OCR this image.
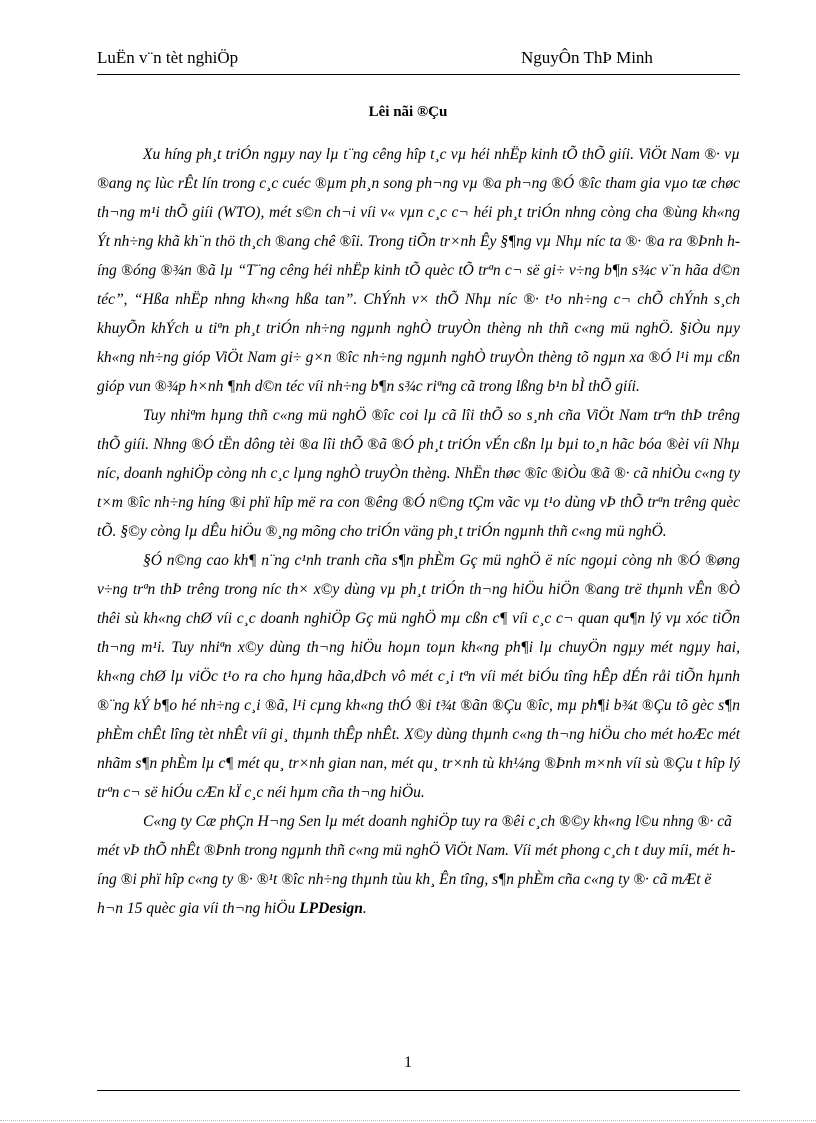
LuËn v¨n tèt nghiÖp	NguyÔn ThÞ Minh
Lêi nãi ®Çu

Xu híng ph¸t triÓn ngµy nay lµ t¨ng cêng hîp t¸c vµ héi nhËp kinh tÕ thÕ giíi. ViÖt Nam ®· vµ ®ang nç lùc rÊt lín trong c¸c cuéc ®µm ph¸n song ph¬ng vµ ®a ph¬ng ®Ó ®îc tham gia vµo tæ chøc th¬ng m¹i thÕ giíi (WTO), mét s©n ch¬i víi v« vµn c¸c c¬ héi ph¸t triÓn nhng còng cha ®ùng kh«ng Ýt nh÷ng khã kh¨n thö th¸ch ®ang chê ®îi. Trong tiÕn tr×nh Êy §¶ng vµ Nhµ níc ta ®· ®a ra ®Þnh híng ®óng ®¾n ®ã lµ “T¨ng cêng héi nhËp kinh tÕ quèc tÕ trªn c¬ së gi÷ v÷ng b¶n s¾c v¨n hãa d©n téc”, “Hßa nhËp nhng kh«ng hßa tan”. ChÝnh v× thÕ Nhµ níc ®· t¹o nh÷ng c¬ chÕ chÝnh s¸ch khuyÕn khÝch u tiªn ph¸t triÓn nh÷ng ngµnh nghÒ truyÒn thèng nh thñ c«ng mü nghÖ. §iÒu nµy kh«ng nh÷ng gióp ViÖt Nam gi÷ g×n ®îc nh÷ng ngµnh nghÒ truyÒn thèng tõ ngµn xa ®Ó l¹i mµ cßn gióp vun ®¾p h×nh ¶nh d©n téc víi nh÷ng b¶n s¾c riªng cã trong lßng b¹n bÌ thÕ giíi.

Tuy nhiªm hµng thñ c«ng mü nghÖ ®îc coi lµ cã lîi thÕ so s¸nh cña ViÖt Nam trªn thÞ trêng thÕ giíi. Nhng ®Ó tËn dông tèi ®a lîi thÕ ®ã ®Ó ph¸t triÓn vÉn cßn lµ bµi to¸n hãc bóa ®èi víi Nhµ níc, doanh nghiÖp còng nh c¸c lµng nghÒ truyÒn thèng. NhËn thøc ®îc ®iÒu ®ã ®· cã nhiÒu c«ng ty t×m ®îc nh÷ng híng ®i phï hîp më ra con ®êng ®Ó n©ng tÇm vãc vµ t¹o dùng vÞ thÕ trªn trêng quèc tÕ. §©y còng lµ dÊu hiÖu ®¸ng mõng cho triÓn väng ph¸t triÓn ngµnh thñ c«ng mü nghÖ.

§Ó n©ng cao kh¶ n¨ng c¹nh tranh cña s¶n phÈm Gç mü nghÖ ë níc ngoµi còng nh ®Ó ®øng v÷ng trªn thÞ trêng trong níc th× x©y dùng vµ ph¸t triÓn th¬ng hiÖu hiÖn ®ang trë thµnh vÊn ®Ò thêi sù kh«ng chØ víi c¸c doanh nghiÖp Gç mü nghÖ mµ cßn c¶ víi c¸c c¬ quan qu¶n lý vµ xóc tiÕn th¬ng m¹i. Tuy nhiªn x©y dùng th¬ng hiÖu hoµn toµn kh«ng ph¶i lµ chuyÖn ngµy mét ngµy hai, kh«ng chØ lµ viÖc t¹o ra cho hµng hãa,dÞch vô mét c¸i tªn víi mét biÓu tîng hÊp dÉn råi tiÕn hµnh ®¨ng kÝ b¶o hé nh÷ng c¸i ®ã, l¹i cµng kh«ng thÓ ®i t¾t ®ãn ®Çu ®îc, mµ ph¶i b¾t ®Çu tõ gèc s¶n phÈm chÊt lîng tèt nhÊt víi gi¸ thµnh thÊp nhÊt. X©y dùng thµnh c«ng th¬ng hiÖu cho mét hoÆc mét nhãm s¶n phÈm lµ c¶ mét qu¸ tr×nh gian nan, mét qu¸ tr×nh tù kh¼ng ®Þnh m×nh víi sù ®Çu t hîp lý trªn c¬ së hiÓu cÆn kÏ c¸c néi hµm cña th¬ng hiÖu.

C«ng ty Cæ phÇn H¬ng Sen lµ mét doanh nghiÖp tuy ra ®êi c¸ch ®©y kh«ng l©u nhng ®· cã mét vÞ thÕ nhÊt ®Þnh trong ngµnh thñ c«ng mü nghÖ ViÖt Nam. Víi mét phong c¸ch t duy míi, mét híng ®i phï hîp c«ng ty ®· ®¹t ®îc nh÷ng thµnh tùu kh¸ Ên tîng, s¶n phÈm cña c«ng ty ®· cã mÆt ë h¬n 15 quèc gia víi th¬ng hiÖu LPDesign.

1
